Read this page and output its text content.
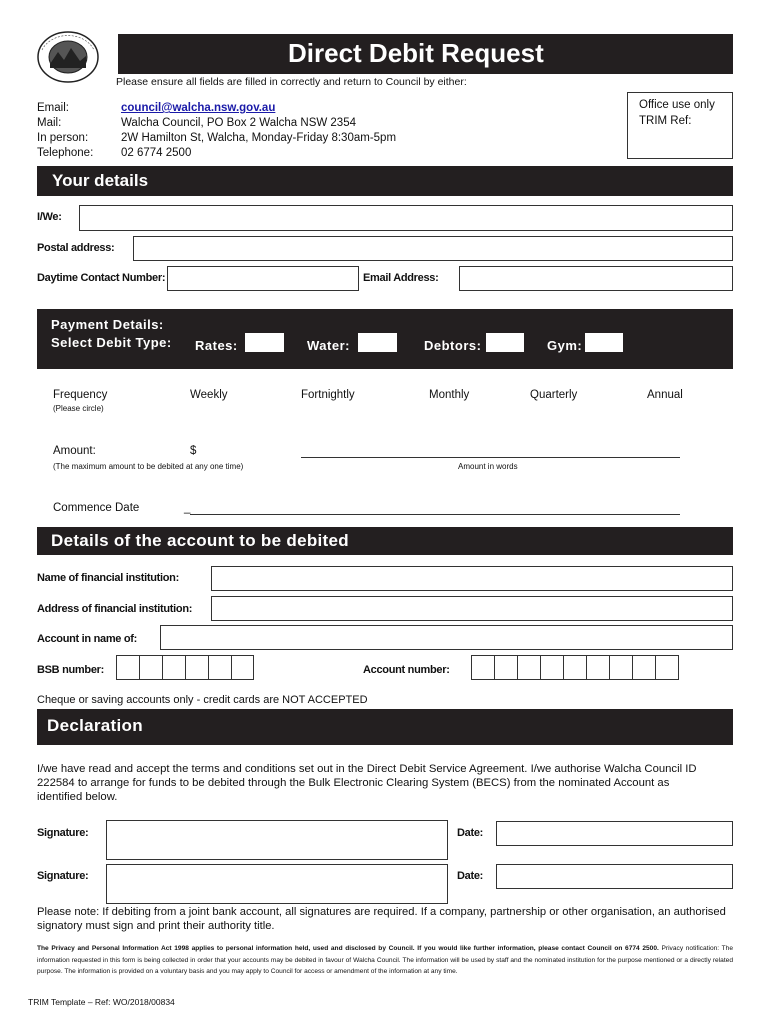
Direct Debit Request
Please ensure all fields are filled in correctly and return to Council by either:
Email:	council@walcha.nsw.gov.au
Mail:	Walcha Council, PO Box 2 Walcha NSW 2354
In person:	2W Hamilton St, Walcha, Monday-Friday 8:30am-5pm
Telephone: 02 6774 2500
Office use only
TRIM Ref:
Your details
I/We:
Postal address:
Daytime Contact Number:	Email Address:
Payment Details:
Select Debit Type: Rates:	Water:	Debtors:	Gym:
Frequency
(Please circle)
Weekly	Fortnightly	Monthly	Quarterly	Annual
Amount:	$
(The maximum amount to be debited at any one time)	Amount in words
Commence Date	_
Details of the account to be debited
Name of financial institution:
Address of financial institution:
Account in name of:
BSB number:	Account number:
Cheque or saving accounts only - credit cards are NOT ACCEPTED
Declaration
I/we have read and accept the terms and conditions set out in the Direct Debit Service Agreement. I/we authorise Walcha Council ID 222584 to arrange for funds to be debited through the Bulk Electronic Clearing System (BECS) from the nominated Account as identified below.
Signature:	Date:
Signature:	Date:
Please note: If debiting from a joint bank account, all signatures are required. If a company, partnership or other organisation, an authorised signatory must sign and print their authority title.
The Privacy and Personal Information Act 1998 applies to personal information held, used and disclosed by Council. If you would like further information, please contact Council on 6774 2500. Privacy notification: The information requested in this form is being collected in order that your accounts may be debited in favour of Walcha Council. The information will be used by staff and the nominated institution for the purpose mentioned or a directly related purpose. The information is provided on a voluntary basis and you may apply to Council for access or amendment of the information at any time.
TRIM Template – Ref: WO/2018/00834
